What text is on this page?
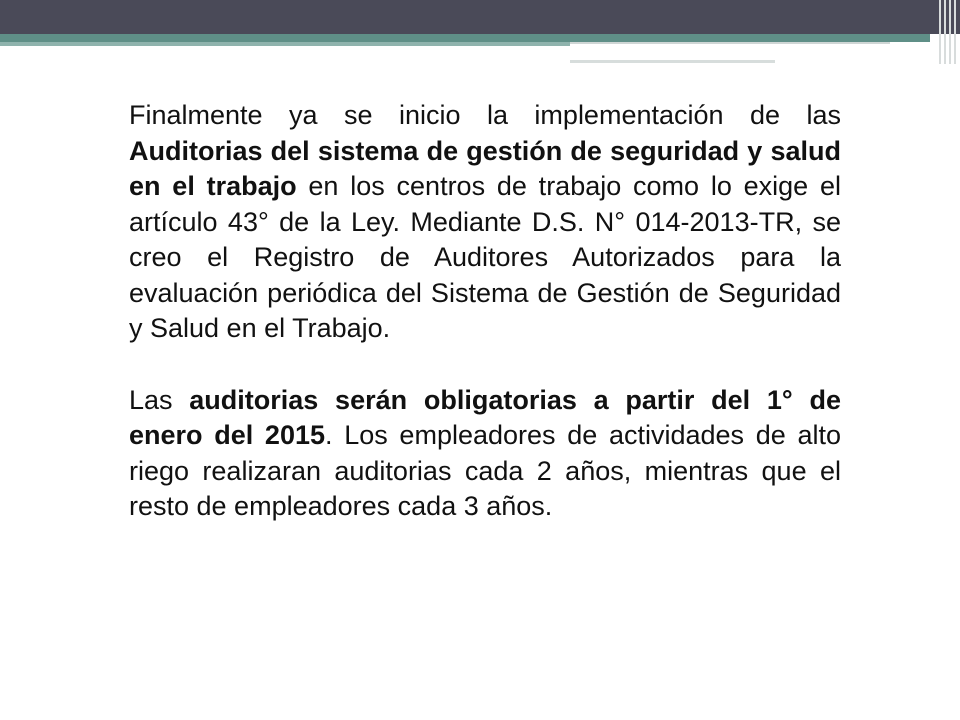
Finalmente ya se inicio la implementación de las Auditorias del sistema de gestión de seguridad y salud en el trabajo en los centros de trabajo como lo exige el artículo 43° de la Ley. Mediante D.S. N° 014-2013-TR, se creo el Registro de Auditores Autorizados para la evaluación periódica del Sistema de Gestión de Seguridad y Salud en el Trabajo.

Las auditorias serán obligatorias a partir del 1° de enero del 2015. Los empleadores de actividades de alto riego realizaran auditorias cada 2 años, mientras que el resto de empleadores cada 3 años.
